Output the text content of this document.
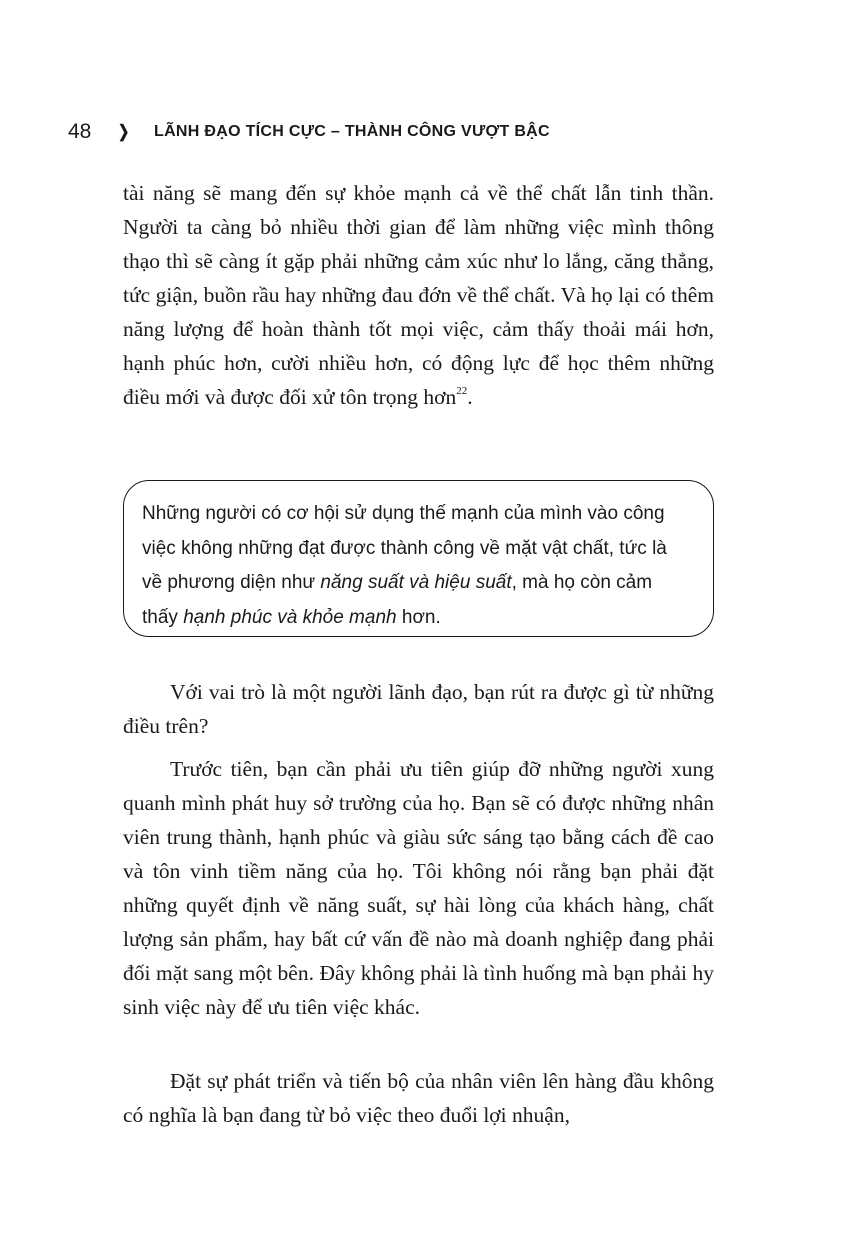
48	❯	LÃNH ĐẠO TÍCH CỰC – THÀNH CÔNG VƯỢT BẬC

tài năng sẽ mang đến sự khỏe mạnh cả về thể chất lẫn tinh thần. Người ta càng bỏ nhiều thời gian để làm những việc mình thông thạo thì sẽ càng ít gặp phải những cảm xúc như lo lắng, căng thẳng, tức giận, buồn rầu hay những đau đớn về thể chất. Và họ lại có thêm năng lượng để hoàn thành tốt mọi việc, cảm thấy thoải mái hơn, hạnh phúc hơn, cười nhiều hơn, có động lực để học thêm những điều mới và được đối xử tôn trọng hơn$^{22}$.

Những người có cơ hội sử dụng thế mạnh của mình vào công việc không những đạt được thành công về mặt vật chất, tức là về phương diện như năng suất và hiệu suất, mà họ còn cảm thấy hạnh phúc và khỏe mạnh hơn.

Với vai trò là một người lãnh đạo, bạn rút ra được gì từ những điều trên?

Trước tiên, bạn cần phải ưu tiên giúp đỡ những người xung quanh mình phát huy sở trường của họ. Bạn sẽ có được những nhân viên trung thành, hạnh phúc và giàu sức sáng tạo bằng cách đề cao và tôn vinh tiềm năng của họ. Tôi không nói rằng bạn phải đặt những quyết định về năng suất, sự hài lòng của khách hàng, chất lượng sản phẩm, hay bất cứ vấn đề nào mà doanh nghiệp đang phải đối mặt sang một bên. Đây không phải là tình huống mà bạn phải hy sinh việc này để ưu tiên việc khác.

Đặt sự phát triển và tiến bộ của nhân viên lên hàng đầu không có nghĩa là bạn đang từ bỏ việc theo đuổi lợi nhuận,
